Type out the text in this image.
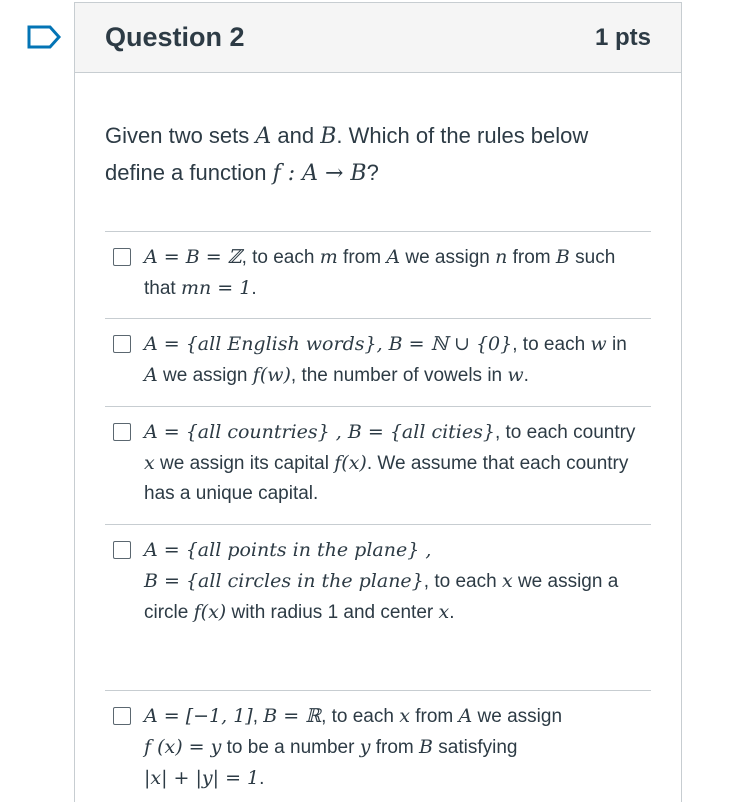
Question 2	1 pts
Given two sets A and B. Which of the rules below define a function f : A → B?
A = B = ℤ, to each m from A we assign n from B such that mn = 1.
A = {all English words}, B = ℕ ∪ {0}, to each w in A we assign f(w), the number of vowels in w.
A = {all countries} , B = {all cities}, to each country x we assign its capital f(x). We assume that each country has a unique capital.
A = {all points in the plane} ,
B = {all circles in the plane}, to each x we assign a circle f(x) with radius 1 and center x.
A = [−1, 1], B = ℝ, to each x from A we assign
f (x) = y to be a number y from B satisfying
|x| + |y| = 1.
